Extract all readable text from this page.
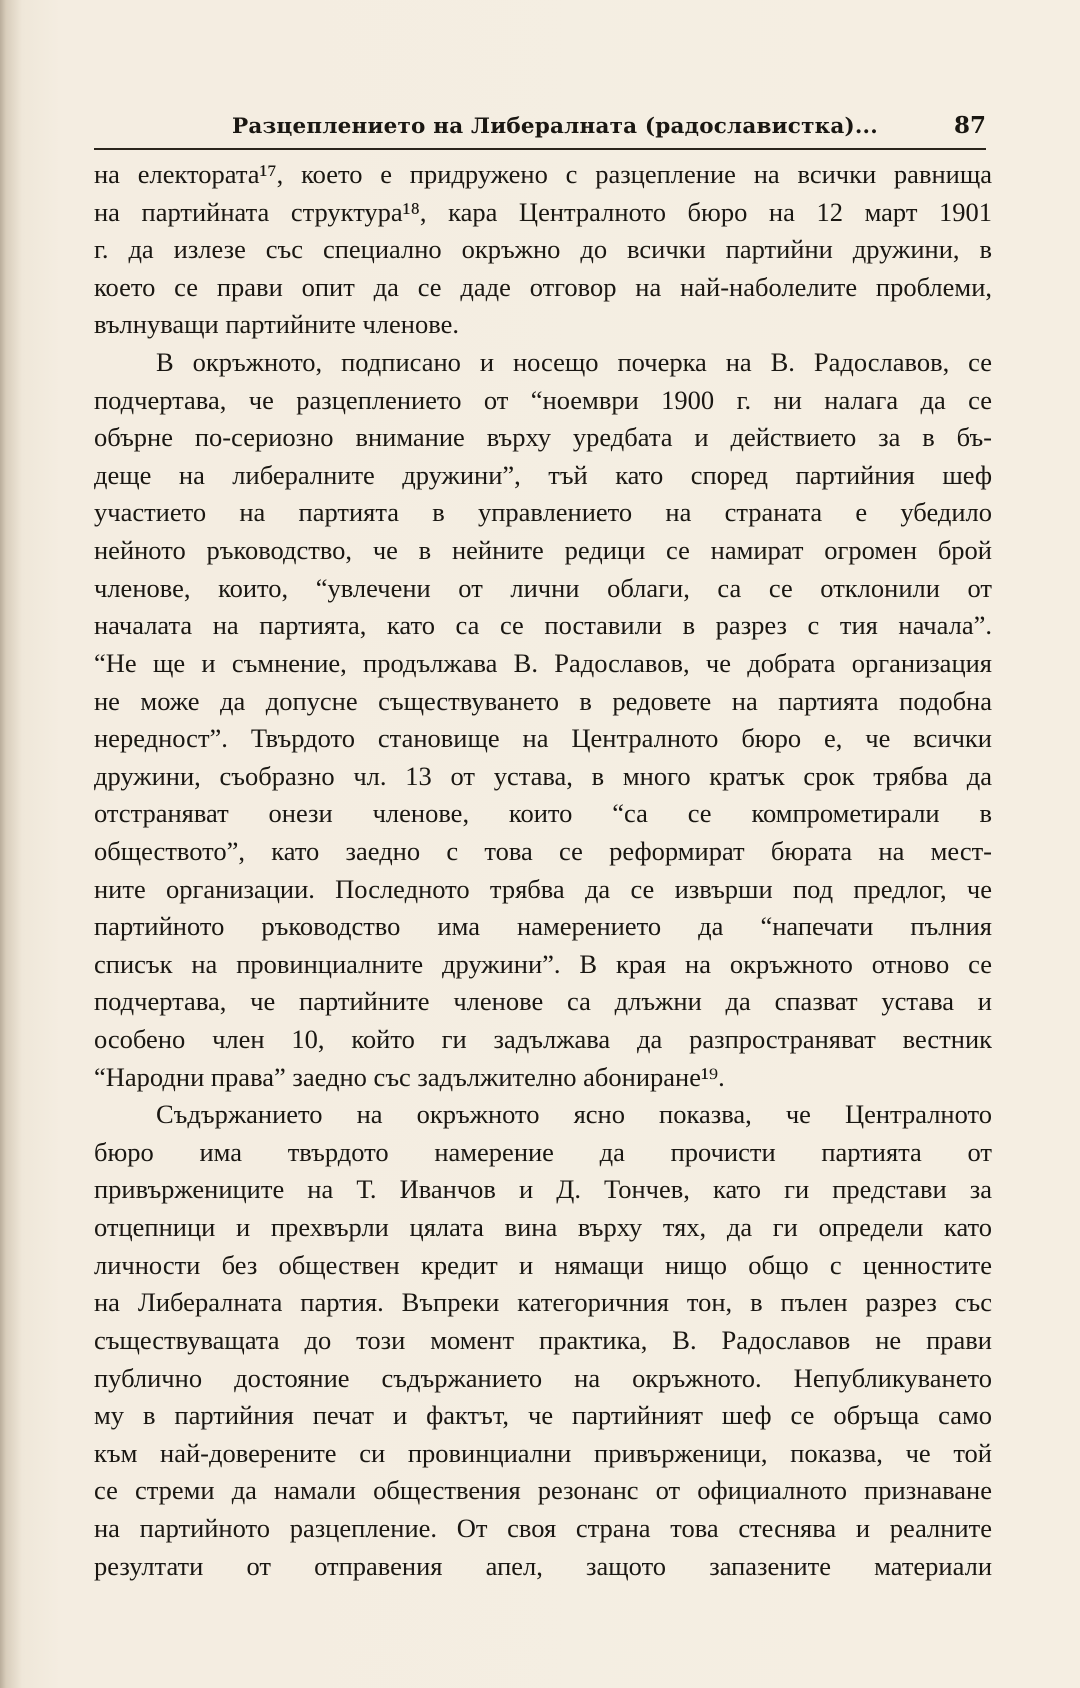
Разцеплението на Либералната (радославистка)...	87
на електората¹⁷, което е придружено с разцепление на всички равнища
на партийната структура¹⁸, кара Централното бюро на 12 март 1901
г. да излезе със специално окръжно до всички партийни дружини, в
което се прави опит да се даде отговор на най-наболелите проблеми,
вълнуващи партийните членове.
В окръжното, подписано и носещо почерка на В. Радославов, се
подчертава, че разцеплението от “ноември 1900 г. ни налага да се
обърне по-сериозно внимание върху уредбата и действието за в бъ-
деще на либералните дружини”, тъй като според партийния шеф
участието на партията в управлението на страната е убедило
нейното ръководство, че в нейните редици се намират огромен брой
членове, които, “увлечени от лични облаги, са се отклонили от
началата на партията, като са се поставили в разрез с тия начала”.
“Не ще и съмнение, продължава В. Радославов, че добрата организация
не може да допусне съществуването в редовете на партията подобна
нередност”. Твърдото становище на Централното бюро е, че всички
дружини, съобразно чл. 13 от устава, в много кратък срок трябва да
отстраняват онези членове, които “са се компрометирали в
обществото”, като заедно с това се реформират бюрата на мест-
ните организации. Последното трябва да се извърши под предлог, че
партийното ръководство има намерението да “напечати пълния
списък на провинциалните дружини”. В края на окръжното отново се
подчертава, че партийните членове са длъжни да спазват устава и
особено член 10, който ги задължава да разпространяват вестник
“Народни права” заедно със задължително абониране¹⁹.
Съдържанието на окръжното ясно показва, че Централното
бюро има твърдото намерение да прочисти партията от
привържениците на Т. Иванчов и Д. Тончев, като ги представи за
отцепници и прехвърли цялата вина върху тях, да ги определи като
личности без обществен кредит и нямащи нищо общо с ценностите
на Либералната партия. Въпреки категоричния тон, в пълен разрез със
съществуващата до този момент практика, В. Радославов не прави
публично достояние съдържанието на окръжното. Непубликуването
му в партийния печат и фактът, че партийният шеф се обръща само
към най-доверените си провинциални привърженици, показва, че той
се стреми да намали обществения резонанс от официалното признаване
на партийното разцепление. От своя страна това стеснява и реалните
резултати от отправения апел, защото запазените материали
